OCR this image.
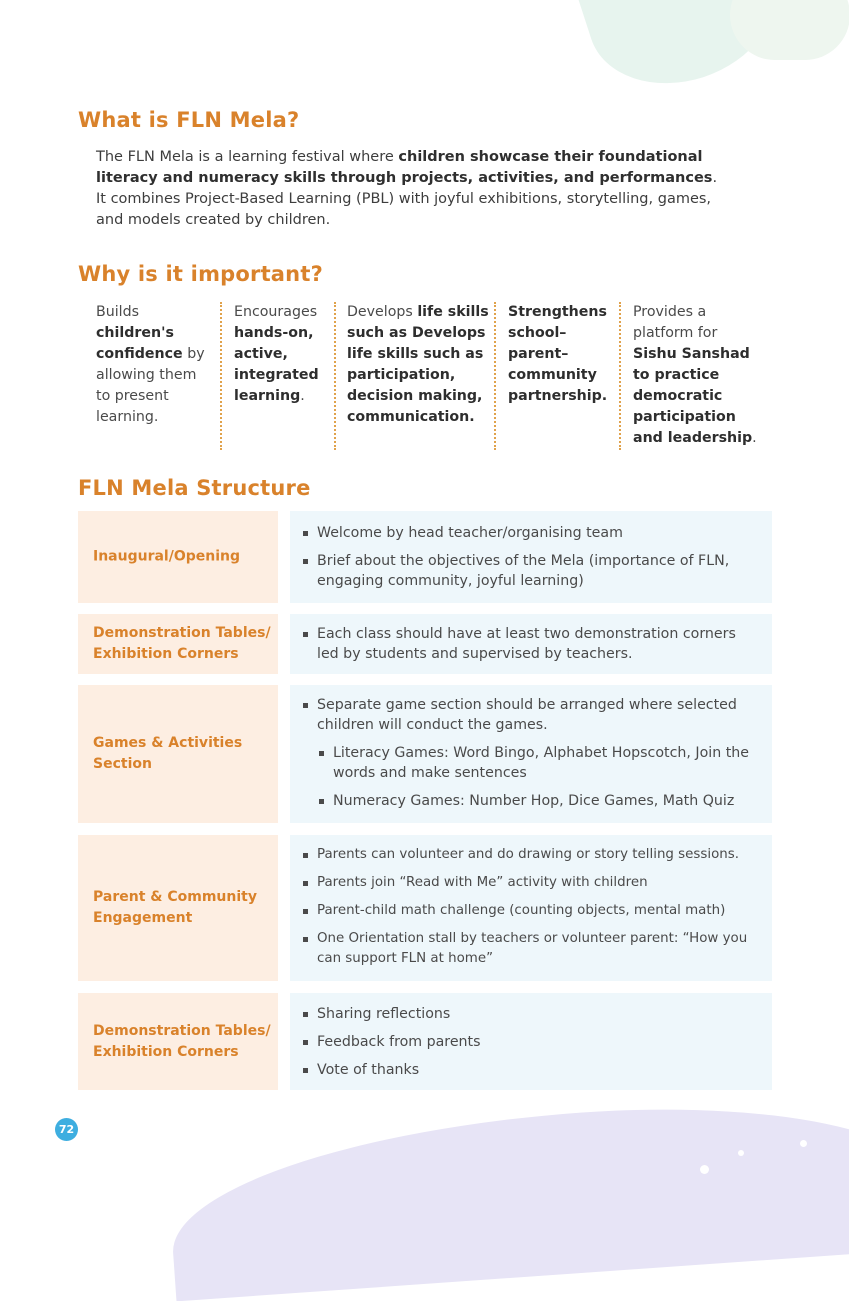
What is FLN Mela?

The FLN Mela is a learning festival where children showcase their foundational literacy and numeracy skills through projects, activities, and performances. It combines Project-Based Learning (PBL) with joyful exhibitions, storytelling, games, and models created by children.

Why is it important?
Builds children's confidence by allowing them to present learning.
Encourages hands-on, active, integrated learning.
Develops life skills such as Develops life skills such as participation, decision making, communication.
Strengthens school– parent– community partnership.
Provides a platform for Sishu Sanshad to practice democratic participation and leadership.
FLN Mela Structure
Inaugural/Opening
Welcome by head teacher/organising team
Brief about the objectives of the Mela (importance of FLN, engaging community, joyful learning)
Demonstration Tables/ Exhibition Corners
Each class should have at least two demonstration corners led by students and supervised by teachers.
Games & Activities Section
Separate game section should be arranged where selected children will conduct the games.
Literacy Games: Word Bingo, Alphabet Hopscotch, Join the words and make sentences
Numeracy Games: Number Hop, Dice Games, Math Quiz
Parent & Community Engagement
Parents can volunteer and do drawing or story telling sessions.
Parents join “Read with Me” activity with children
Parent-child math challenge (counting objects, mental math)
One Orientation stall by teachers or volunteer parent: “How you can support FLN at home”
Demonstration Tables/ Exhibition Corners
Sharing reflections
Feedback from parents
Vote of thanks
72
